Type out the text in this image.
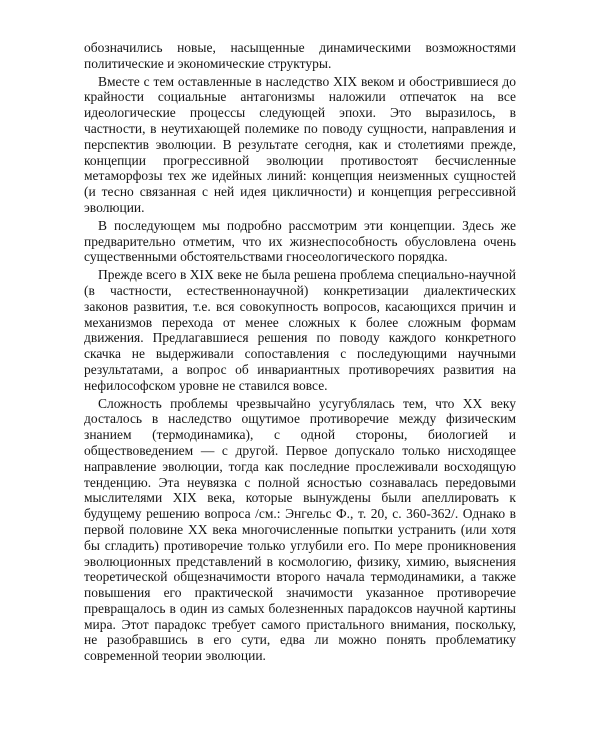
обозначились новые, насыщенные динамическими возможностями политические и экономические структуры.

Вместе с тем оставленные в наследство XIX веком и обострившиеся до крайности социальные антагонизмы наложили отпечаток на все идеологические процессы следующей эпохи. Это выразилось, в частности, в неутихающей полемике по поводу сущности, направления и перспектив эволюции. В результате сегодня, как и столетиями прежде, концепции прогрессивной эволюции противостоят бесчисленные метаморфозы тех же идейных линий: концепция неизменных сущностей (и тесно связанная с ней идея цикличности) и концепция регрессивной эволюции.

В последующем мы подробно рассмотрим эти концепции. Здесь же предварительно отметим, что их жизнеспособность обусловлена очень существенными обстоятельствами гносеологического порядка.

Прежде всего в XIX веке не была решена проблема специально-научной (в частности, естественнонаучной) конкретизации диалектических законов развития, т.е. вся совокупность вопросов, касающихся причин и механизмов перехода от менее сложных к более сложным формам движения. Предлагавшиеся решения по поводу каждого конкретного скачка не выдерживали сопоставления с последующими научными результатами, а вопрос об инвариантных противоречиях развития на нефилософском уровне не ставился вовсе.

Сложность проблемы чрезвычайно усугублялась тем, что XX веку досталось в наследство ощутимое противоречие между физическим знанием (термодинамика), с одной стороны, биологией и обществоведением — с другой. Первое допускало только нисходящее направление эволюции, тогда как последние прослеживали восходящую тенденцию. Эта неувязка с полной ясностью сознавалась передовыми мыслителями XIX века, которые вынуждены были апеллировать к будущему решению вопроса /см.: Энгельс Ф., т. 20, с. 360-362/. Однако в первой половине XX века многочисленные попытки устранить (или хотя бы сгладить) противоречие только углубили его. По мере проникновения эволюционных представлений в космологию, физику, химию, выяснения теоретической общезначимости второго начала термодинамики, а также повышения его практической значимости указанное противоречие превращалось в один из самых болезненных парадоксов научной картины мира. Этот парадокс требует самого пристального внимания, поскольку, не разобравшись в его сути, едва ли можно понять проблематику современной теории эволюции.
